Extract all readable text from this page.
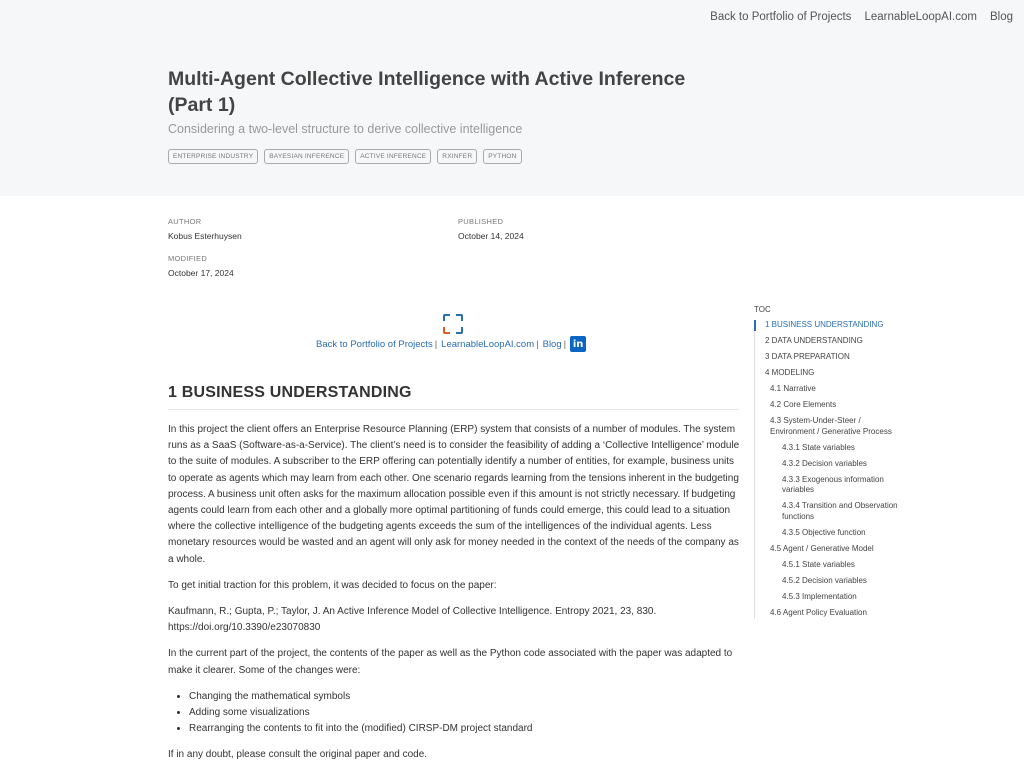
Back to Portfolio of Projects LearnableLoopAI.com Blog
Multi-Agent Collective Intelligence with Active Inference (Part 1)
Considering a two-level structure to derive collective intelligence
ENTERPRISE INDUSTRY	BAYESIAN INFERENCE	ACTIVE INFERENCE	RXINFER	PYTHON
AUTHOR
Kobus Esterhuysen
PUBLISHED
October 14, 2024
MODIFIED
October 17, 2024
Back to Portfolio of Projects | LearnableLoopAI.com | Blog | in
1 BUSINESS UNDERSTANDING

In this project the client offers an Enterprise Resource Planning (ERP) system that consists of a number of modules. The system runs as a SaaS (Software-as-a-Service). The client’s need is to consider the feasibility of adding a ‘Collective Intelligence’ module to the suite of modules. A subscriber to the ERP offering can potentially identify a number of entities, for example, business units to operate as agents which may learn from each other. One scenario regards learning from the tensions inherent in the budgeting process. A business unit often asks for the maximum allocation possible even if this amount is not strictly necessary. If budgeting agents could learn from each other and a globally more optimal partitioning of funds could emerge, this could lead to a situation where the collective intelligence of the budgeting agents exceeds the sum of the intelligences of the individual agents. Less monetary resources would be wasted and an agent will only ask for money needed in the context of the needs of the company as a whole.

To get initial traction for this problem, it was decided to focus on the paper:

Kaufmann, R.; Gupta, P.; Taylor, J. An Active Inference Model of Collective Intelligence. Entropy 2021, 23, 830.
https://doi.org/10.3390/e23070830

In the current part of the project, the contents of the paper as well as the Python code associated with the paper was adapted to make it clearer. Some of the changes were:

• Changing the mathematical symbols
• Adding some visualizations
• Rearranging the contents to fit into the (modified) CIRSP-DM project standard

If in any doubt, please consult the original paper and code.

TOC
1 BUSINESS UNDERSTANDING
2 DATA UNDERSTANDING
3 DATA PREPARATION
4 MODELING
4.1 Narrative
4.2 Core Elements
4.3 System-Under-Steer / Environment / Generative Process
4.3.1 State variables
4.3.2 Decision variables
4.3.3 Exogenous information variables
4.3.4 Transition and Observation functions
4.3.5 Objective function
4.5 Agent / Generative Model
4.5.1 State variables
4.5.2 Decision variables
4.5.3 Implementation
4.6 Agent Policy Evaluation
